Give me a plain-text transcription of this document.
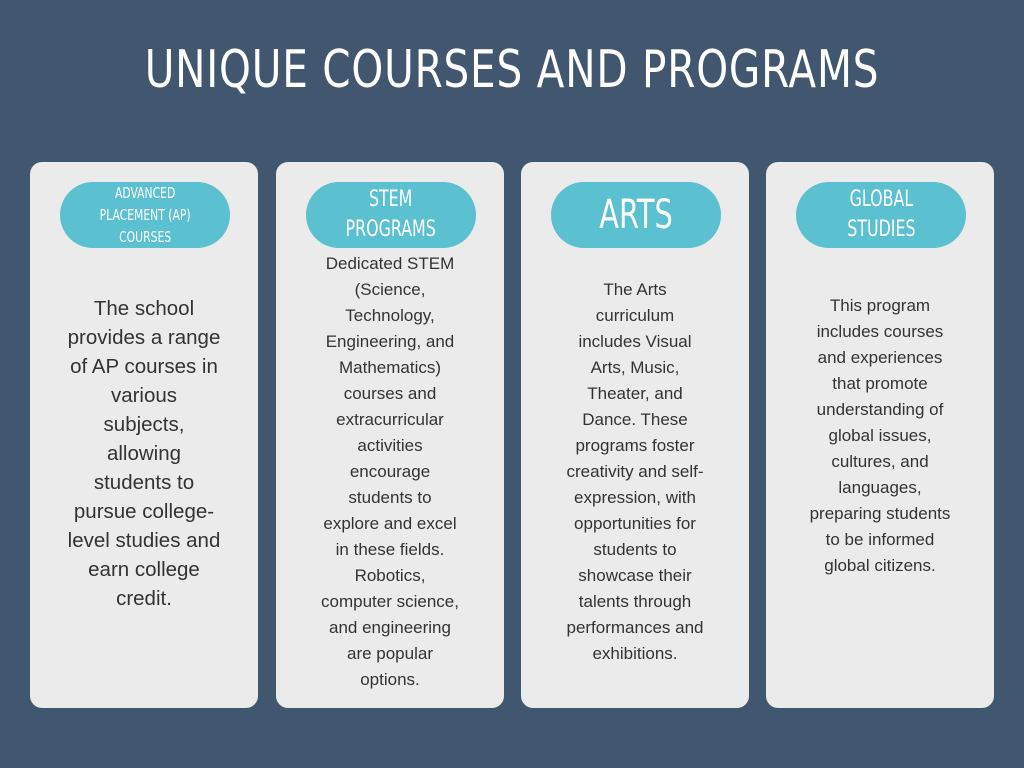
UNIQUE COURSES AND PROGRAMS
ADVANCED
PLACEMENT (AP)
COURSES
The school
provides a range
of AP courses in
various
subjects,
allowing
students to
pursue college-
level studies and
earn college
credit.
STEM
PROGRAMS
Dedicated STEM
(Science,
Technology,
Engineering, and
Mathematics)
courses and
extracurricular
activities
encourage
students to
explore and excel
in these fields.
Robotics,
computer science,
and engineering
are popular
options.
ARTS
The Arts
curriculum
includes Visual
Arts, Music,
Theater, and
Dance. These
programs foster
creativity and self-
expression, with
opportunities for
students to
showcase their
talents through
performances and
exhibitions.
GLOBAL
STUDIES
This program
includes courses
and experiences
that promote
understanding of
global issues,
cultures, and
languages,
preparing students
to be informed
global citizens.
